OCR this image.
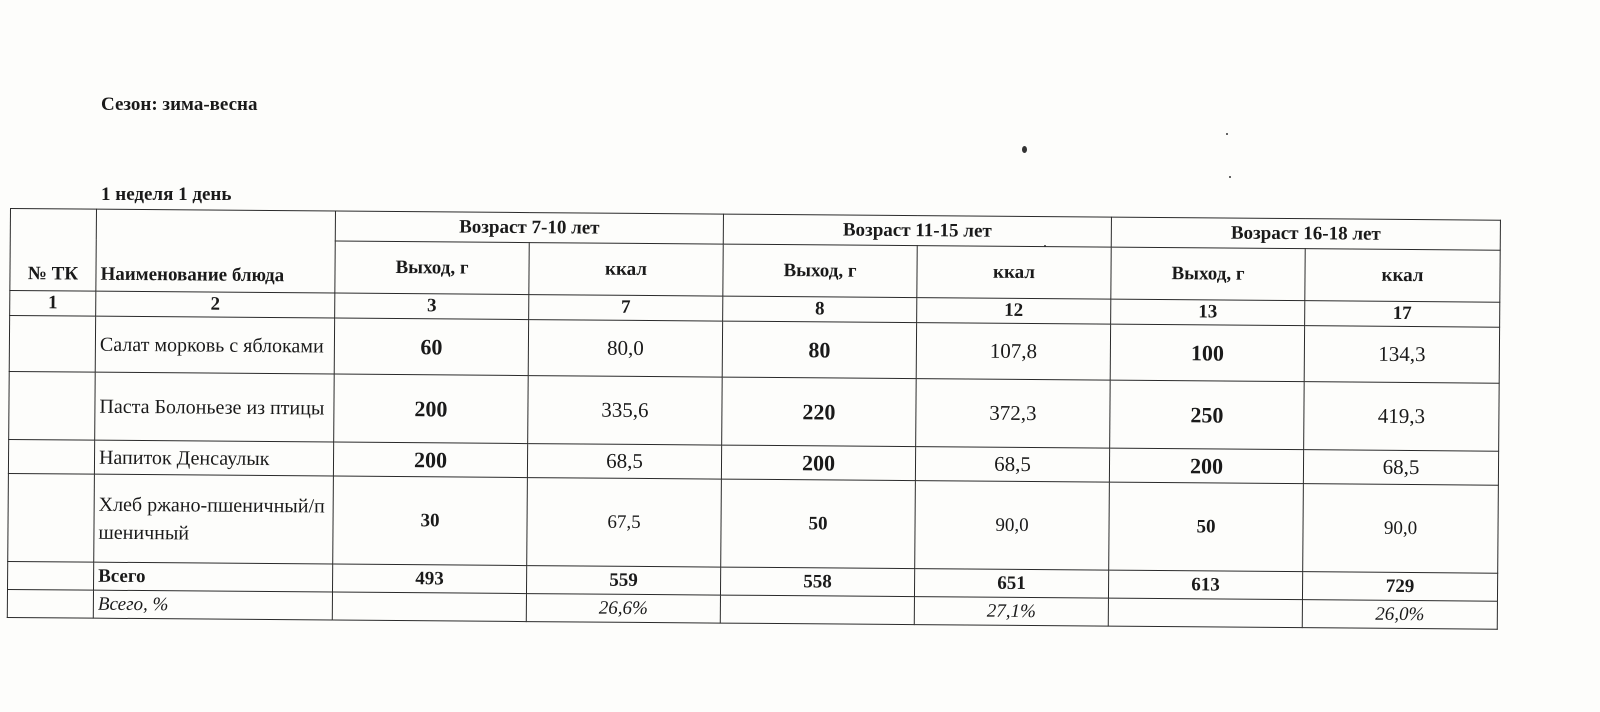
Сезон: зима-весна
1 неделя 1 день
№ ТК	Наименование блюда	Возраст 7-10 лет		Возраст 11-15 лет		Возраст 16-18 лет	
		Выход, г	ккал	Выход, г	ккал	Выход, г	ккал
1	2	3	7	8	12	13	17
	Салат морковь с яблоками	60	80,0	80	107,8	100	134,3
	Паста Болоньезе из птицы	200	335,6	220	372,3	250	419,3
	Напиток Денсаулык	200	68,5	200	68,5	200	68,5
	Хлеб ржано-пшеничный/пшеничный	30	67,5	50	90,0	50	90,0
	Всего	493	559	558	651	613	729
	Всего, %		26,6%		27,1%		26,0%
